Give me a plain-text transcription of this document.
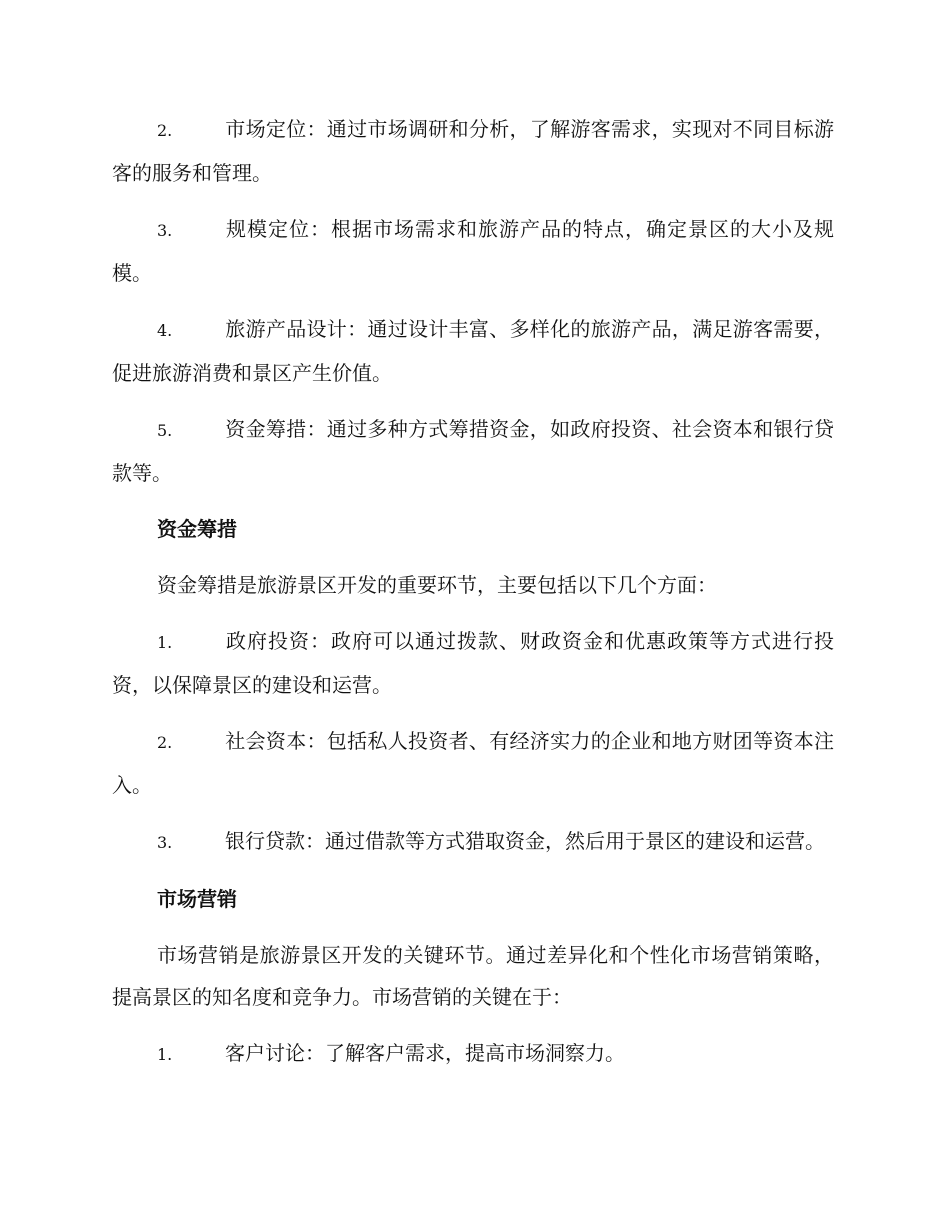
2.	市场定位：通过市场调研和分析，了解游客需求，实现对不同目标游客的服务和管理。

3.	规模定位：根据市场需求和旅游产品的特点，确定景区的大小及规模。

4.	旅游产品设计：通过设计丰富、多样化的旅游产品，满足游客需要，促进旅游消费和景区产生价值。

5.	资金筹措：通过多种方式筹措资金，如政府投资、社会资本和银行贷款等。

资金筹措

资金筹措是旅游景区开发的重要环节，主要包括以下几个方面：

1.	政府投资：政府可以通过拨款、财政资金和优惠政策等方式进行投资，以保障景区的建设和运营。

2.	社会资本：包括私人投资者、有经济实力的企业和地方财团等资本注入。

3.	银行贷款：通过借款等方式猎取资金，然后用于景区的建设和运营。

市场营销

市场营销是旅游景区开发的关键环节。通过差异化和个性化市场营销策略，提高景区的知名度和竞争力。市场营销的关键在于：

1.	客户讨论：了解客户需求，提高市场洞察力。
